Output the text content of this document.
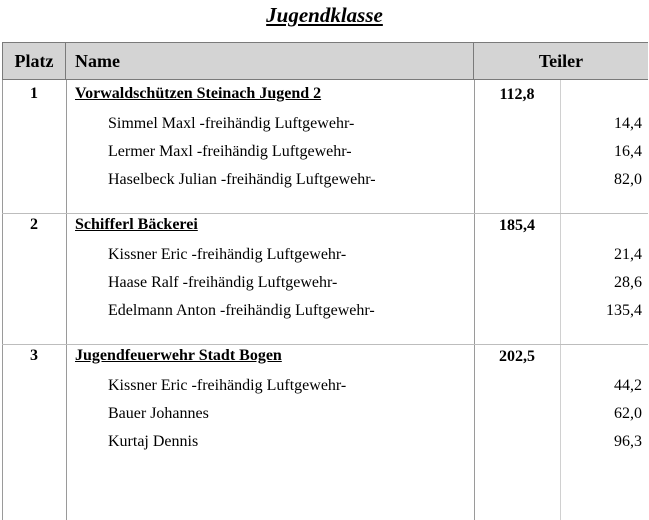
Jugendklasse
Platz	Name	Teiler
1	Vorwaldschützen Steinach Jugend 2	112,8
Simmel Maxl -freihändig Luftgewehr-	14,4
Lermer Maxl -freihändig Luftgewehr-	16,4
Haselbeck Julian -freihändig Luftgewehr-	82,0
2	Schifferl Bäckerei	185,4
Kissner Eric -freihändig Luftgewehr-	21,4
Haase Ralf -freihändig Luftgewehr-	28,6
Edelmann Anton -freihändig Luftgewehr-	135,4
3	Jugendfeuerwehr Stadt Bogen	202,5
Kissner Eric -freihändig Luftgewehr-	44,2
Bauer Johannes	62,0
Kurtaj Dennis	96,3
